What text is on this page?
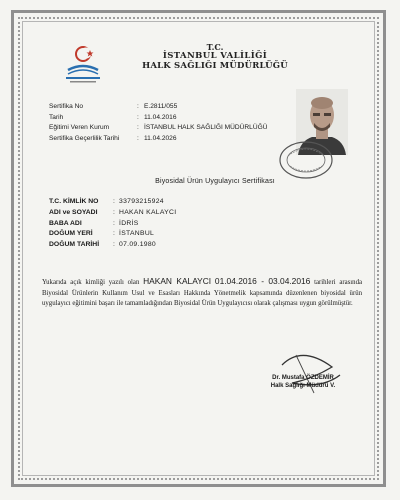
T.C.
İSTANBUL VALİLİĞİ
HALK SAĞLIĞI MÜDÜRLÜĞÜ
Sertifika No	: E.2811/055
Tarih	: 11.04.2016
Eğitimi Veren Kurum	: İSTANBUL HALK SAĞLIĞI MÜDÜRLÜĞÜ
Sertifika Geçerlilik Tarihi	: 11.04.2026
Biyosidal Ürün Uygulayıcı Sertifikası
T.C. KİMLİK NO : 33793215924
ADI ve SOYADI : HAKAN KALAYCI
BABA ADI	: İDRİS
DOĞUM YERİ	: İSTANBUL
DOĞUM TARİHİ : 07.09.1980
Yukarıda açık kimliği yazılı olan HAKAN KALAYCI 01.04.2016 - 03.04.2016 tarihleri arasında Biyosidal Ürünlerin Kullanım Usul ve Esasları Hakkında Yönetmelik kapsamında düzenlenen biyosidal ürün uygulayıcı eğitimini başarı ile tamamladığından Biyosidal Ürün Uygulayıcısı olarak çalışması uygun görülmüştür.
Dr. Mustafa ÖZDEMİR
Halk Sağlığı Müdürü V.
